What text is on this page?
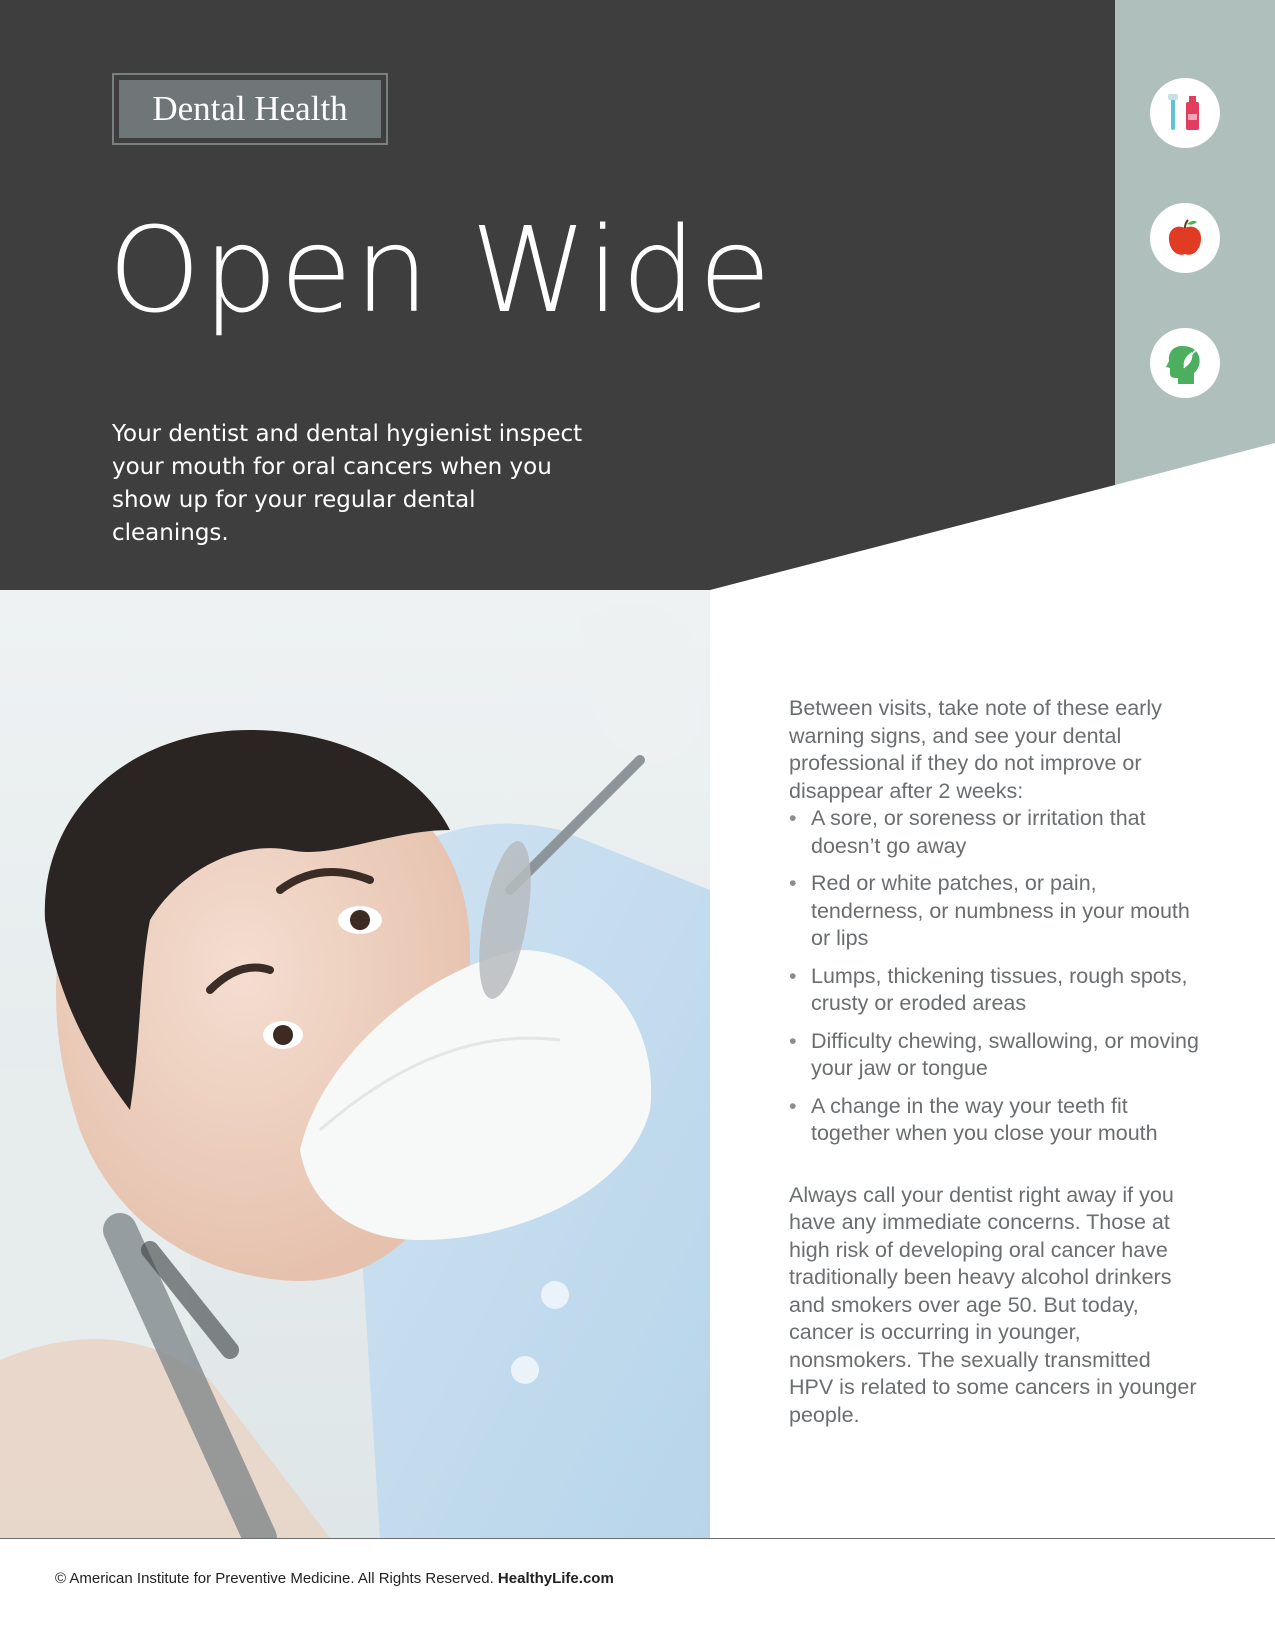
Dental Health
Open Wide
Your dentist and dental hygienist inspect your mouth for oral cancers when you show up for your regular dental cleanings.

Between visits, take note of these early warning signs, and see your dental professional if they do not improve or disappear after 2 weeks:

• A sore, or soreness or irritation that doesn’t go away
• Red or white patches, or pain, tenderness, or numbness in your mouth or lips
• Lumps, thickening tissues, rough spots, crusty or eroded areas
• Difficulty chewing, swallowing, or moving your jaw or tongue
• A change in the way your teeth fit together when you close your mouth

Always call your dentist right away if you have any immediate concerns. Those at high risk of developing oral cancer have traditionally been heavy alcohol drinkers and smokers over age 50. But today, cancer is occurring in younger, nonsmokers. The sexually transmitted HPV is related to some cancers in younger people.

© American Institute for Preventive Medicine. All Rights Reserved. HealthyLife.com
